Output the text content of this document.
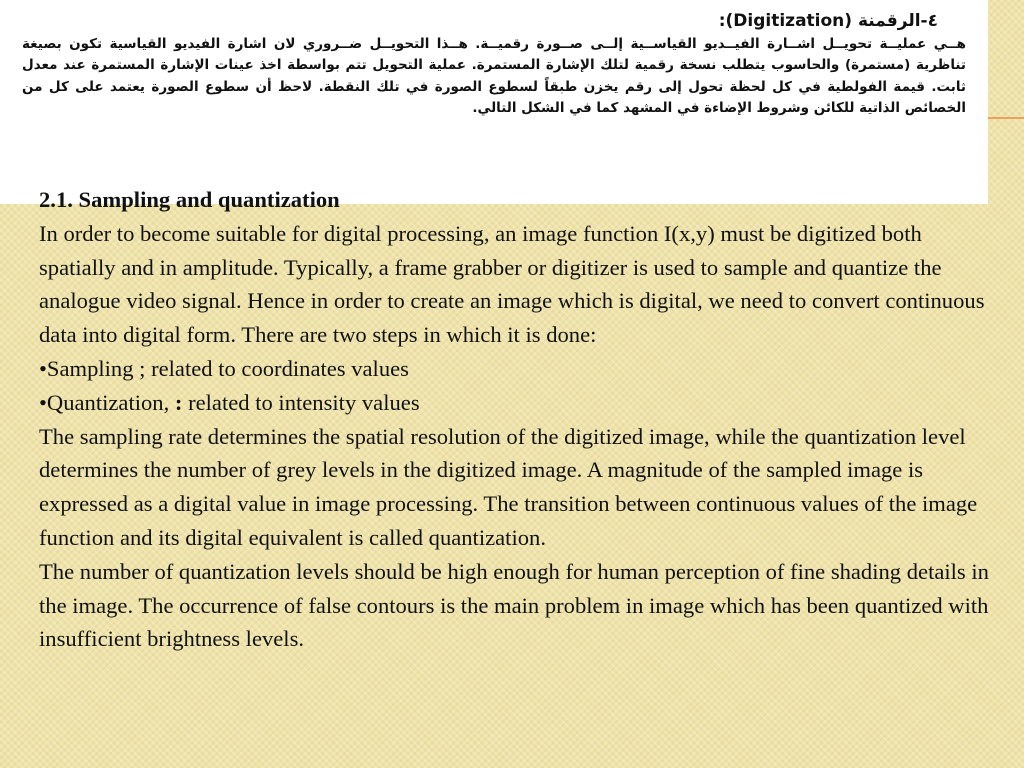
٤-الرقمنة (Digitization):
هــي عمليــة تحويــل اشــارة الفيــديو القياســية إلــى صــورة رقميــة. هــذا التحويــل ضــروري لان اشارة الفيديو القياسية تكون بصيغة تناظرية (مستمرة) والحاسوب يتطلب نسخة رقمية لتلك الإشارة المستمرة. عملية التحويل تتم بواسطة اخذ عينات الإشارة المستمرة عند معدل ثابت. قيمة الفولطية في كل لحظة تحول إلى رقم يخزن طبقاً لسطوع الصورة في تلك النقطة. لاحظ أن سطوع الصورة يعتمد على كل من الخصائص الذاتية للكائن وشروط الإضاءة في المشهد كما في الشكل التالي.

2.1. Sampling and quantization

In order to become suitable for digital processing, an image function I(x,y) must be digitized both spatially and in amplitude. Typically, a frame grabber or digitizer is used to sample and quantize the analogue video signal. Hence in order to create an image which is digital, we need to convert continuous data into digital form. There are two steps in which it is done:

•Sampling ; related to coordinates values

•Quantization, : related to intensity values

The sampling rate determines the spatial resolution of the digitized image, while the quantization level determines the number of grey levels in the digitized image. A magnitude of the sampled image is expressed as a digital value in image processing. The transition between continuous values of the image function and its digital equivalent is called quantization.

The number of quantization levels should be high enough for human perception of fine shading details in the image. The occurrence of false contours is the main problem in image which has been quantized with insufficient brightness levels.
